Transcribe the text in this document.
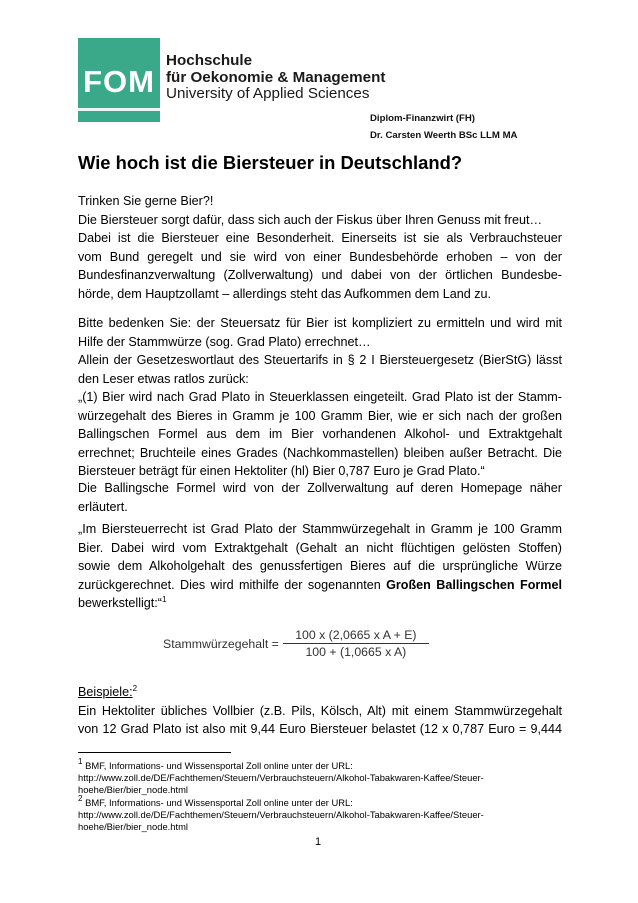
FOM
Hochschule
für Oekonomie & Management
University of Applied Sciences
Diplom-Finanzwirt (FH)
Dr. Carsten Weerth BSc LLM MA
Wie hoch ist die Biersteuer in Deutschland?

Trinken Sie gerne Bier?!

Die Biersteuer sorgt dafür, dass sich auch der Fiskus über Ihren Genuss mit freut…

Dabei ist die Biersteuer eine Besonderheit. Einerseits ist sie als Verbrauchsteuer

vom Bund geregelt und sie wird von einer Bundesbehörde erhoben – von der

Bundesfinanzverwaltung (Zollverwaltung) und dabei von der örtlichen Bundesbe-

hörde, dem Hauptzollamt – allerdings steht das Aufkommen dem Land zu.

Bitte bedenken Sie: der Steuersatz für Bier ist kompliziert zu ermitteln und wird mit

Hilfe der Stammwürze (sog. Grad Plato) errechnet…

Allein der Gesetzeswortlaut des Steuertarifs in § 2 I Biersteuergesetz (BierStG) lässt

den Leser etwas ratlos zurück:

„(1) Bier wird nach Grad Plato in Steuerklassen eingeteilt. Grad Plato ist der Stamm-

würzegehalt des Bieres in Gramm je 100 Gramm Bier, wie er sich nach der großen

Ballingschen Formel aus dem im Bier vorhandenen Alkohol- und Extraktgehalt

errechnet; Bruchteile eines Grades (Nachkommastellen) bleiben außer Betracht. Die

Biersteuer beträgt für einen Hektoliter (hl) Bier 0,787 Euro je Grad Plato.“

Die Ballingsche Formel wird von der Zollverwaltung auf deren Homepage näher

erläutert.

„Im Biersteuerrecht ist Grad Plato der Stammwürzegehalt in Gramm je 100 Gramm

Bier. Dabei wird vom Extraktgehalt (Gehalt an nicht flüchtigen gelösten Stoffen)

sowie dem Alkoholgehalt des genussfertigen Bieres auf die ursprüngliche Würze

zurückgerechnet. Dies wird mithilfe der sogenannten Großen Ballingschen Formel

bewerkstelligt:“$^1$

Stammwürzegehalt = $\frac{\text{100 x (2,0665 x A + E)}}{\text{100 + (1,0665 x A)}}$

Beispiele:$^2$

Ein Hektoliter übliches Vollbier (z.B. Pils, Kölsch, Alt) mit einem Stammwürzegehalt

von 12 Grad Plato ist also mit 9,44 Euro Biersteuer belastet (12 x 0,787 Euro = 9,444

$^1$ BMF, Informations- und Wissensportal Zoll online unter der URL:
http://www.zoll.de/DE/Fachthemen/Steuern/Verbrauchsteuern/Alkohol-Tabakwaren-Kaffee/Steuer-
hoehe/Bier/bier_node.html
$^2$ BMF, Informations- und Wissensportal Zoll online unter der URL:
http://www.zoll.de/DE/Fachthemen/Steuern/Verbrauchsteuern/Alkohol-Tabakwaren-Kaffee/Steuer-
hoehe/Bier/bier_node.html
1
